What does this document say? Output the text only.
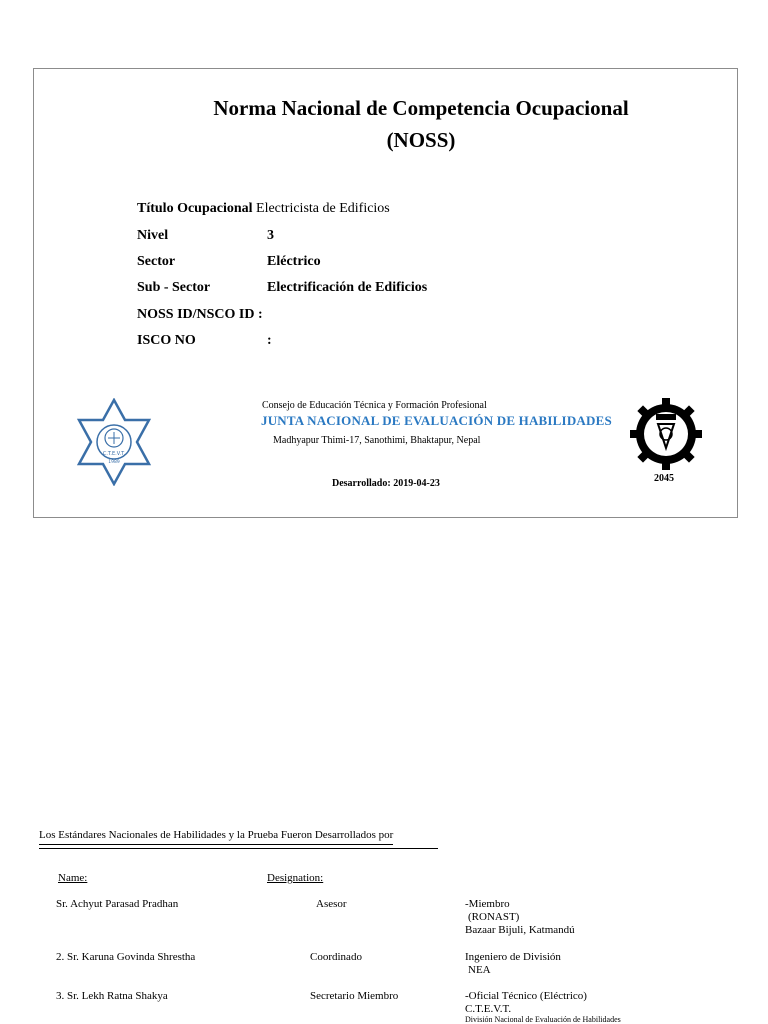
Norma Nacional de Competencia Ocupacional
(NOSS)
Título Ocupacional Electricista de Edificios
Nivel	3
Sector	Eléctrico
Sub - Sector	Electrificación de Edificios
NOSS ID/NSCO ID :
ISCO NO	:
C.T.E.V.T.
1989
Consejo de Educación Técnica y Formación Profesional
JUNTA NACIONAL DE EVALUACIÓN DE HABILIDADES
Madhyapur Thimi-17, Sanothimi, Bhaktapur, Nepal
Desarrollado: 2019-04-23	2045
Los Estándares Nacionales de Habilidades y la Prueba Fueron Desarrollados por
Name:	Designation:
Sr. Achyut Parasad Pradhan	Asesor	-Miembro
(RONAST)
Bazaar Bijuli, Katmandú
2. Sr. Karuna Govinda Shrestha	Coordinado	Ingeniero de División
NEA
3. Sr. Lekh Ratna Shakya	Secretario Miembro	-Oficial Técnico (Eléctrico)
C.T.E.V.T.
División Nacional de Evaluación de Habilidades
